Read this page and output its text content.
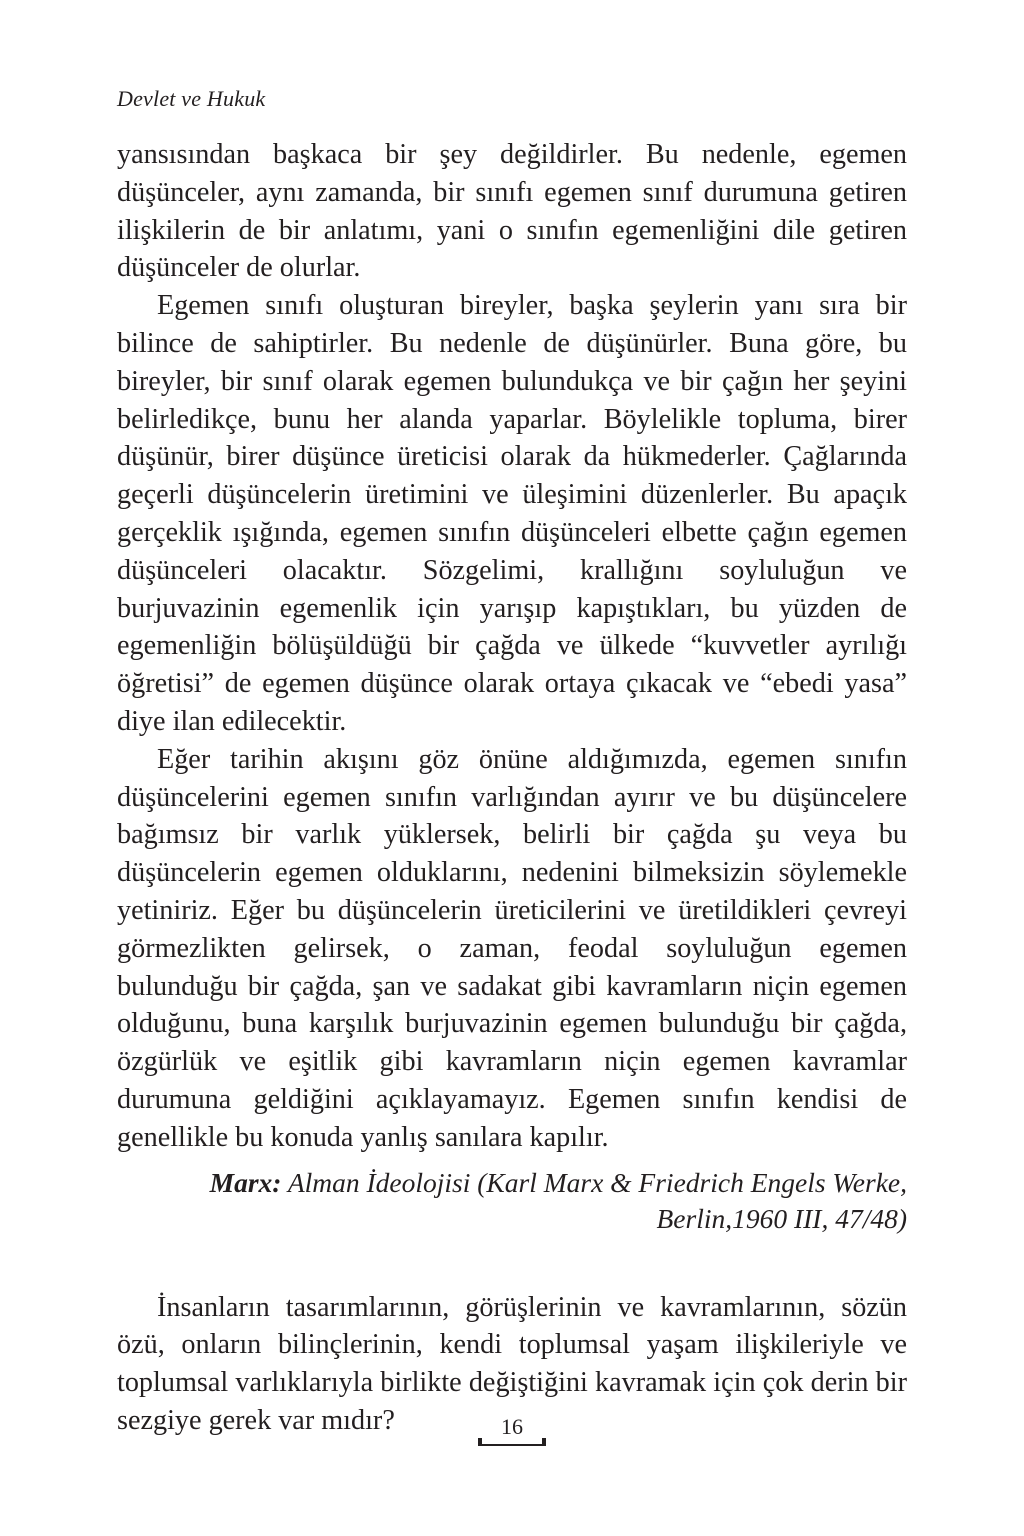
Devlet ve Hukuk

yansısından başkaca bir şey değildirler. Bu nedenle, egemen düşünceler, aynı zamanda, bir sınıfı egemen sınıf durumuna getiren ilişkilerin de bir anlatımı, yani o sınıfın egemenliğini dile getiren düşünceler de olurlar.

Egemen sınıfı oluşturan bireyler, başka şeylerin yanı sıra bir bilince de sahiptirler. Bu nedenle de düşünürler. Buna göre, bu bireyler, bir sınıf olarak egemen bulundukça ve bir çağın her şeyini belirledikçe, bunu her alanda yaparlar. Böylelikle topluma, birer düşünür, birer düşünce üreticisi olarak da hükmederler. Çağlarında geçerli düşüncelerin üretimini ve üleşimini düzenlerler. Bu apaçık gerçeklik ışığında, egemen sınıfın düşünceleri elbette çağın egemen düşünceleri olacaktır. Sözgelimi, krallığını soyluluğun ve burjuvazinin egemenlik için yarışıp kapıştıkları, bu yüzden de egemenliğin bölüşüldüğü bir çağda ve ülkede “kuvvetler ayrılığı öğretisi” de egemen düşünce olarak ortaya çıkacak ve “ebedi yasa” diye ilan edilecektir.

Eğer tarihin akışını göz önüne aldığımızda, egemen sınıfın düşüncelerini egemen sınıfın varlığından ayırır ve bu düşüncelere bağımsız bir varlık yüklersek, belirli bir çağda şu veya bu düşüncelerin egemen olduklarını, nedenini bilmeksizin söylemekle yetiniriz. Eğer bu düşüncelerin üreticilerini ve üretildikleri çevreyi görmezlikten gelirsek, o zaman, feodal soyluluğun egemen bulunduğu bir çağda, şan ve sadakat gibi kavramların niçin egemen olduğunu, buna karşılık burjuvazinin egemen bulunduğu bir çağda, özgürlük ve eşitlik gibi kavramların niçin egemen kavramlar durumuna geldiğini açıklayamayız. Egemen sınıfın kendisi de genellikle bu konuda yanlış sanılara kapılır.

Marx: Alman İdeolojisi (Karl Marx & Friedrich Engels Werke,
Berlin,1960 III, 47/48)

İnsanların tasarımlarının, görüşlerinin ve kavramlarının, sözün özü, onların bilinçlerinin, kendi toplumsal yaşam ilişkileriyle ve toplumsal varlıklarıyla birlikte değiştiğini kavramak için çok derin bir sezgiye gerek var mıdır?	16
